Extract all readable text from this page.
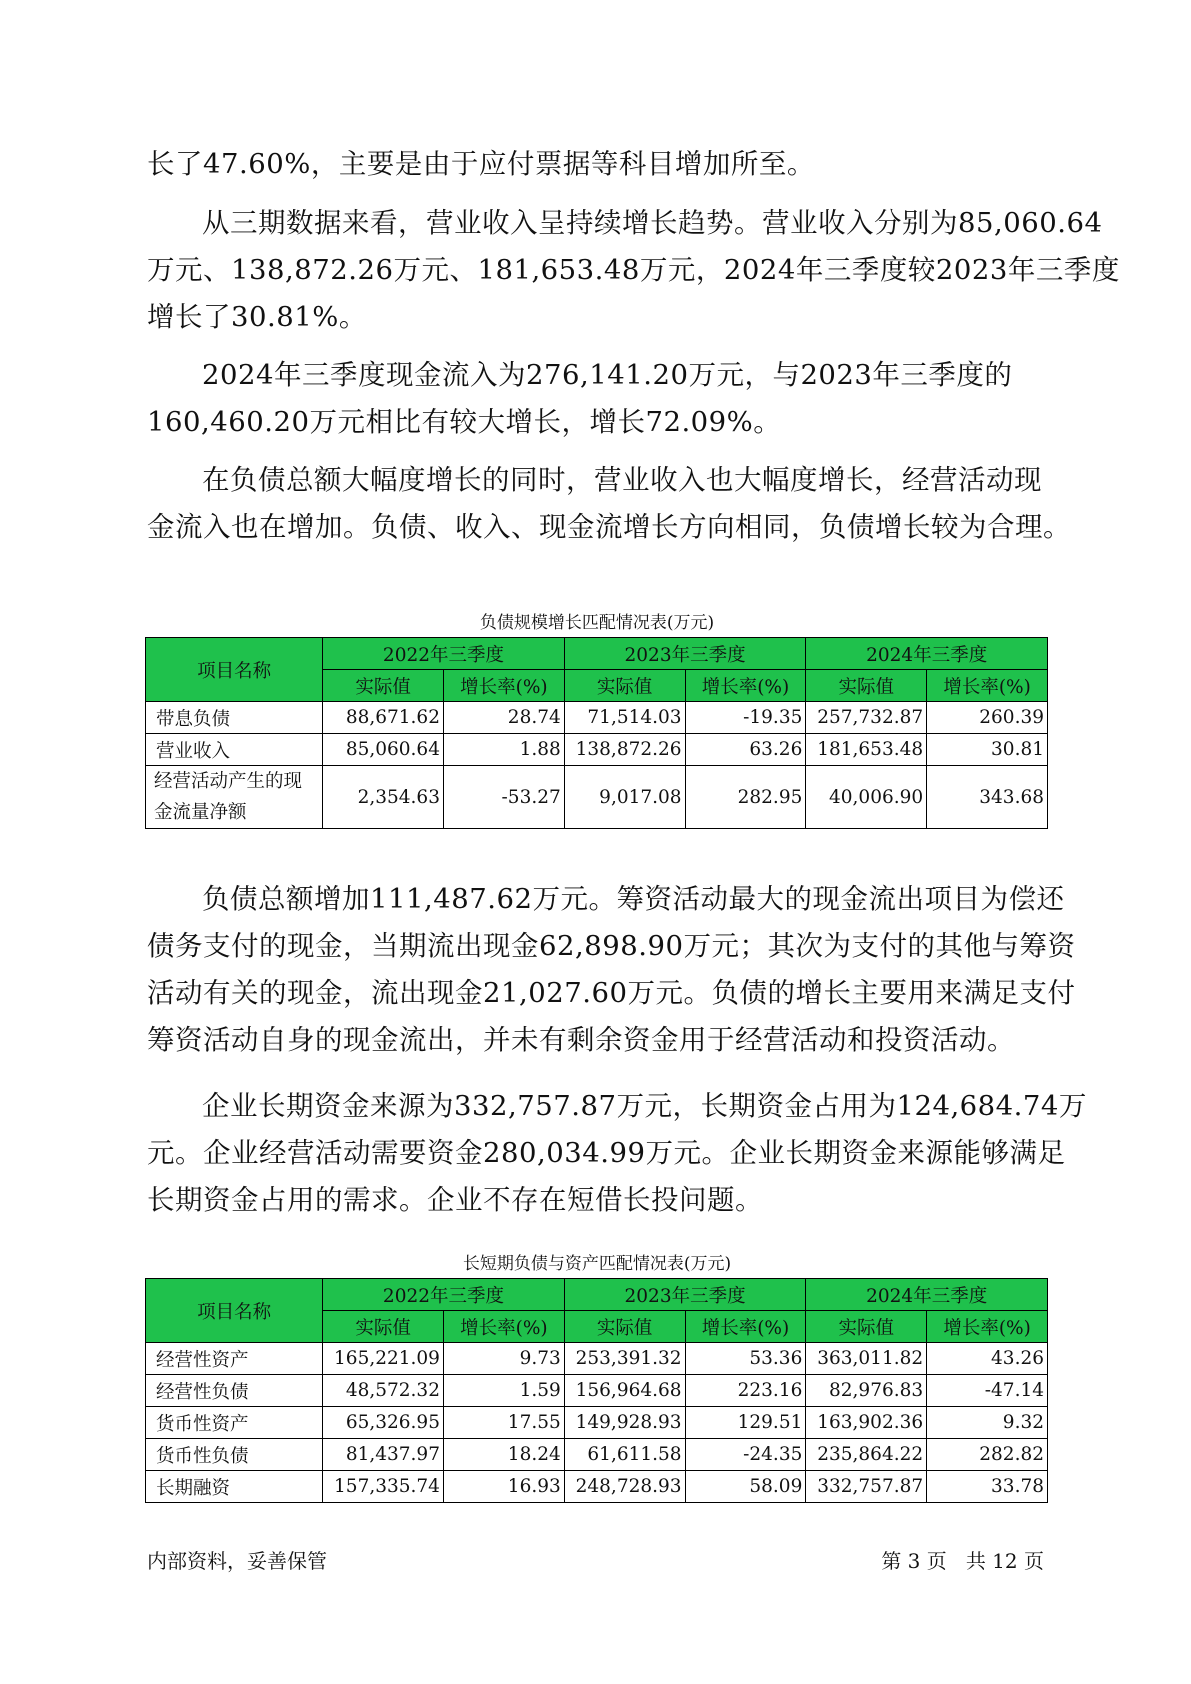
长了47.60%，主要是由于应付票据等科目增加所至。

从三期数据来看，营业收入呈持续增长趋势。营业收入分别为85,060.64
万元、138,872.26万元、181,653.48万元，2024年三季度较2023年三季度
增长了30.81%。

2024年三季度现金流入为276,141.20万元，与2023年三季度的
160,460.20万元相比有较大增长，增长72.09%。

在负债总额大幅度增长的同时，营业收入也大幅度增长，经营活动现
金流入也在增加。负债、收入、现金流增长方向相同，负债增长较为合理。

负债规模增长匹配情况表(万元)
项目名称	2022年三季度		2023年三季度		2024年三季度	
	实际值	增长率(%)	实际值	增长率(%)	实际值	增长率(%)
带息负债	88,671.62	28.74	71,514.03	-19.35	257,732.87	260.39
营业收入	85,060.64	1.88	138,872.26	63.26	181,653.48	30.81
经营活动产生的现金流量净额	2,354.63	-53.27	9,017.08	282.95	40,006.90	343.68

负债总额增加111,487.62万元。筹资活动最大的现金流出项目为偿还
债务支付的现金，当期流出现金62,898.90万元；其次为支付的其他与筹资
活动有关的现金，流出现金21,027.60万元。负债的增长主要用来满足支付
筹资活动自身的现金流出，并未有剩余资金用于经营活动和投资活动。

企业长期资金来源为332,757.87万元，长期资金占用为124,684.74万
元。企业经营活动需要资金280,034.99万元。企业长期资金来源能够满足
长期资金占用的需求。企业不存在短借长投问题。

长短期负债与资产匹配情况表(万元)
项目名称	2022年三季度		2023年三季度		2024年三季度	
	实际值	增长率(%)	实际值	增长率(%)	实际值	增长率(%)
经营性资产	165,221.09	9.73	253,391.32	53.36	363,011.82	43.26
经营性负债	48,572.32	1.59	156,964.68	223.16	82,976.83	-47.14
货币性资产	65,326.95	17.55	149,928.93	129.51	163,902.36	9.32
货币性负债	81,437.97	18.24	61,611.58	-24.35	235,864.22	282.82
长期融资	157,335.74	16.93	248,728.93	58.09	332,757.87	33.78
内部资料，妥善保管	第 3 页   共 12 页
